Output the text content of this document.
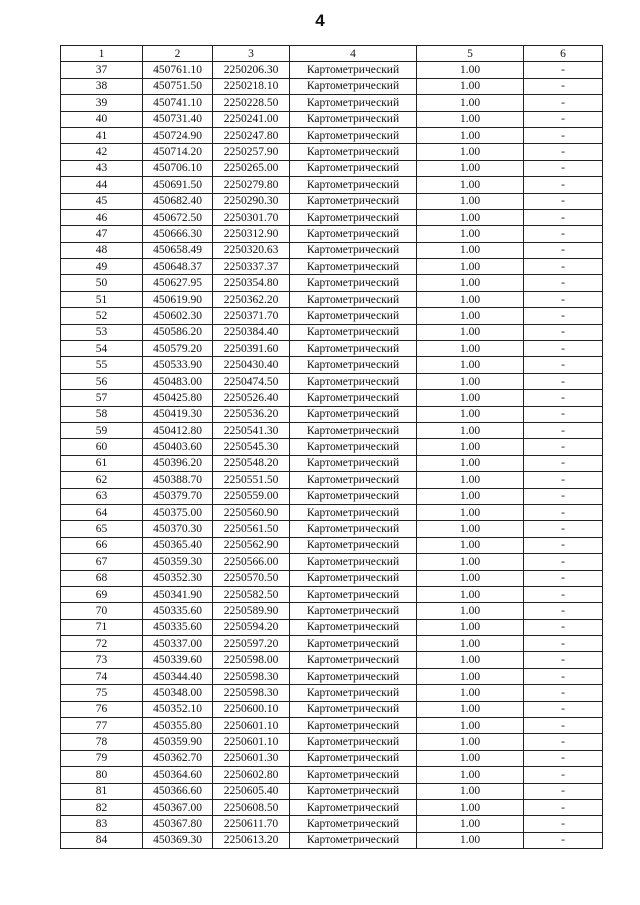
4
1	2	3	4	5	6
37	450761.10	2250206.30	Картометрический	1.00	-
38	450751.50	2250218.10	Картометрический	1.00	-
39	450741.10	2250228.50	Картометрический	1.00	-
40	450731.40	2250241.00	Картометрический	1.00	-
41	450724.90	2250247.80	Картометрический	1.00	-
42	450714.20	2250257.90	Картометрический	1.00	-
43	450706.10	2250265.00	Картометрический	1.00	-
44	450691.50	2250279.80	Картометрический	1.00	-
45	450682.40	2250290.30	Картометрический	1.00	-
46	450672.50	2250301.70	Картометрический	1.00	-
47	450666.30	2250312.90	Картометрический	1.00	-
48	450658.49	2250320.63	Картометрический	1.00	-
49	450648.37	2250337.37	Картометрический	1.00	-
50	450627.95	2250354.80	Картометрический	1.00	-
51	450619.90	2250362.20	Картометрический	1.00	-
52	450602.30	2250371.70	Картометрический	1.00	-
53	450586.20	2250384.40	Картометрический	1.00	-
54	450579.20	2250391.60	Картометрический	1.00	-
55	450533.90	2250430.40	Картометрический	1.00	-
56	450483.00	2250474.50	Картометрический	1.00	-
57	450425.80	2250526.40	Картометрический	1.00	-
58	450419.30	2250536.20	Картометрический	1.00	-
59	450412.80	2250541.30	Картометрический	1.00	-
60	450403.60	2250545.30	Картометрический	1.00	-
61	450396.20	2250548.20	Картометрический	1.00	-
62	450388.70	2250551.50	Картометрический	1.00	-
63	450379.70	2250559.00	Картометрический	1.00	-
64	450375.00	2250560.90	Картометрический	1.00	-
65	450370.30	2250561.50	Картометрический	1.00	-
66	450365.40	2250562.90	Картометрический	1.00	-
67	450359.30	2250566.00	Картометрический	1.00	-
68	450352.30	2250570.50	Картометрический	1.00	-
69	450341.90	2250582.50	Картометрический	1.00	-
70	450335.60	2250589.90	Картометрический	1.00	-
71	450335.60	2250594.20	Картометрический	1.00	-
72	450337.00	2250597.20	Картометрический	1.00	-
73	450339.60	2250598.00	Картометрический	1.00	-
74	450344.40	2250598.30	Картометрический	1.00	-
75	450348.00	2250598.30	Картометрический	1.00	-
76	450352.10	2250600.10	Картометрический	1.00	-
77	450355.80	2250601.10	Картометрический	1.00	-
78	450359.90	2250601.10	Картометрический	1.00	-
79	450362.70	2250601.30	Картометрический	1.00	-
80	450364.60	2250602.80	Картометрический	1.00	-
81	450366.60	2250605.40	Картометрический	1.00	-
82	450367.00	2250608.50	Картометрический	1.00	-
83	450367.80	2250611.70	Картометрический	1.00	-
84	450369.30	2250613.20	Картометрический	1.00	-
